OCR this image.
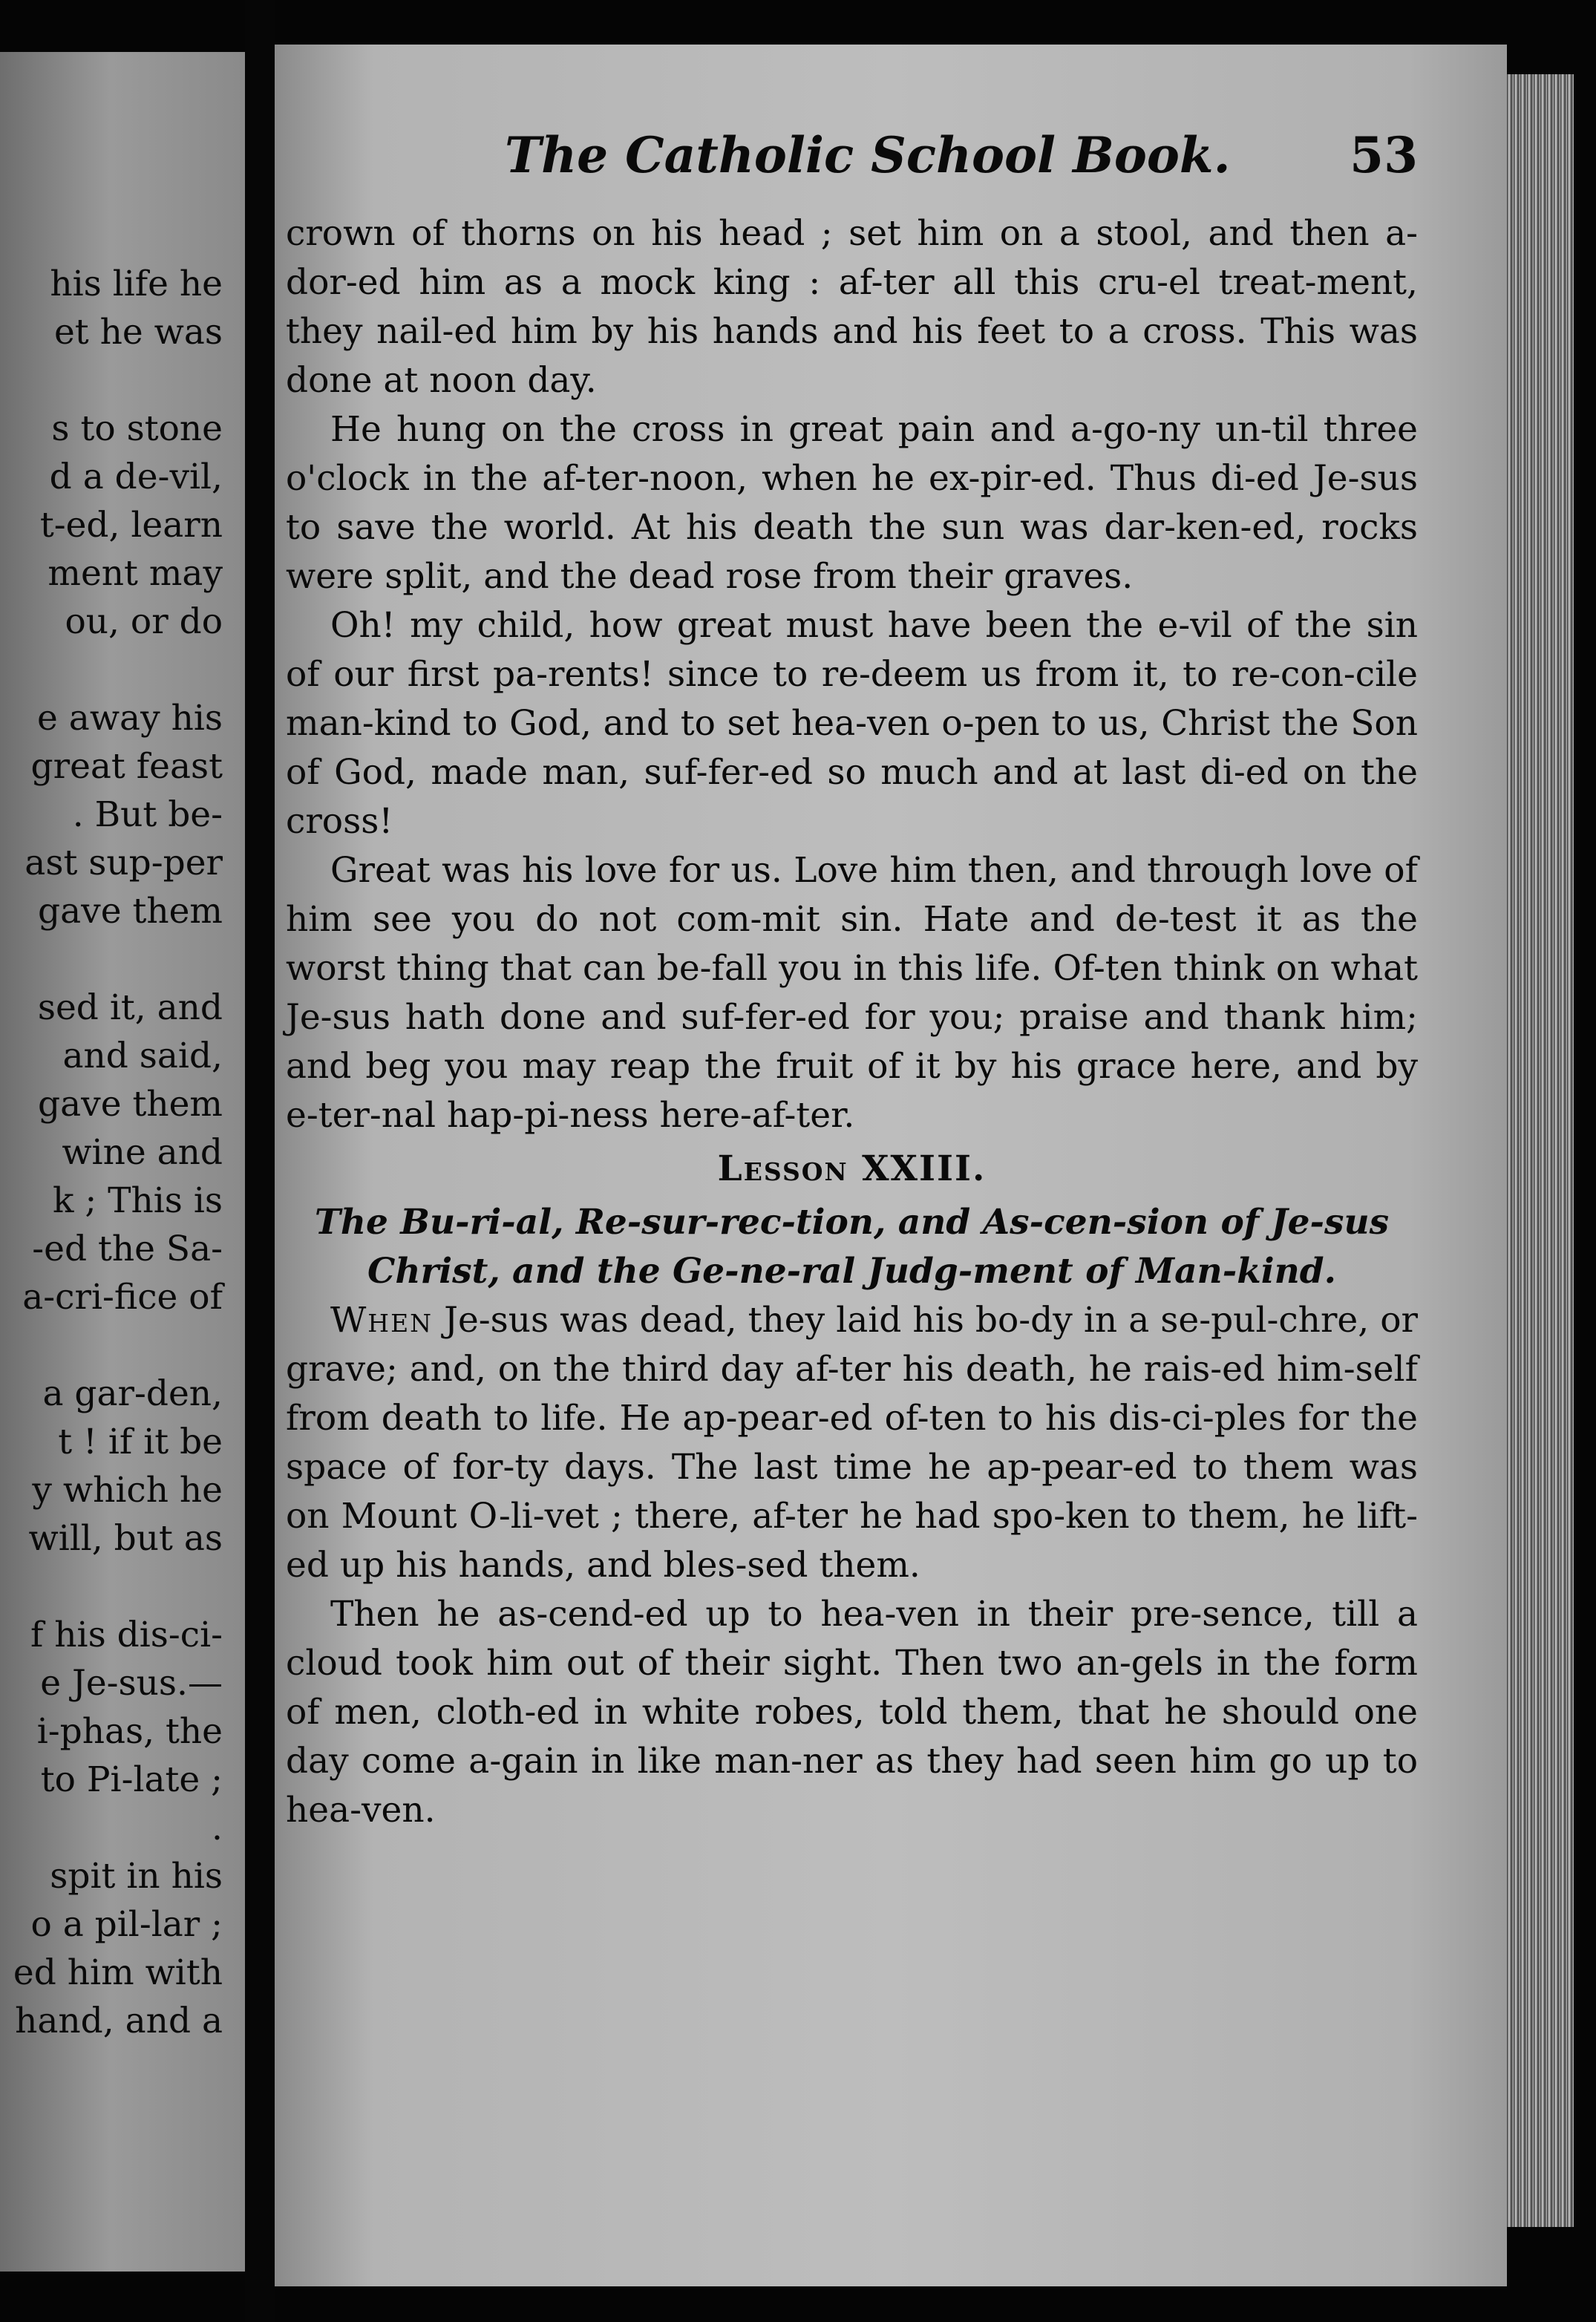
his life he
et he was
s to stone
d a de-vil,
t-ed, learn
ment may
ou, or do
e away his
great feast
. But be-
ast sup-per
gave them
sed it, and
and said,
gave them
wine and
k ; This is
-ed the Sa-
a-cri-fice of
a gar-den,
t ! if it be
y which he
will, but as
f his dis-ci-
e Je-sus.—
i-phas, the
to Pi-late ;
.
spit in his
o a pil-lar ;
ed him with
hand, and a
The Catholic School Book. 53

crown of thorns on his head ; set him on a stool, and then a-dor-ed him as a mock king : af-ter all this cru-el treat-ment, they nail-ed him by his hands and his feet to a cross. This was done at noon day.

He hung on the cross in great pain and a-go-ny un-til three o'clock in the af-ter-noon, when he ex-pir-ed. Thus di-ed Je-sus to save the world. At his death the sun was dar-ken-ed, rocks were split, and the dead rose from their graves.

Oh! my child, how great must have been the e-vil of the sin of our first pa-rents! since to re-deem us from it, to re-con-cile man-kind to God, and to set hea-ven o-pen to us, Christ the Son of God, made man, suf-fer-ed so much and at last di-ed on the cross!

Great was his love for us. Love him then, and through love of him see you do not com-mit sin. Hate and de-test it as the worst thing that can be-fall you in this life. Of-ten think on what Je-sus hath done and suf-fer-ed for you; praise and thank him; and beg you may reap the fruit of it by his grace here, and by e-ter-nal hap-pi-ness here-af-ter.

Lesson XXIII.

The Bu-ri-al, Re-sur-rec-tion, and As-cen-sion of Je-sus Christ, and the Ge-ne-ral Judg-ment of Man-kind.

When Je-sus was dead, they laid his bo-dy in a se-pul-chre, or grave; and, on the third day af-ter his death, he rais-ed him-self from death to life. He ap-pear-ed of-ten to his dis-ci-ples for the space of for-ty days. The last time he ap-pear-ed to them was on Mount O-li-vet ; there, af-ter he had spo-ken to them, he lift-ed up his hands, and bles-sed them.

Then he as-cend-ed up to hea-ven in their pre-sence, till a cloud took him out of their sight. Then two an-gels in the form of men, cloth-ed in white robes, told them, that he should one day come a-gain in like man-ner as they had seen him go up to hea-ven.
